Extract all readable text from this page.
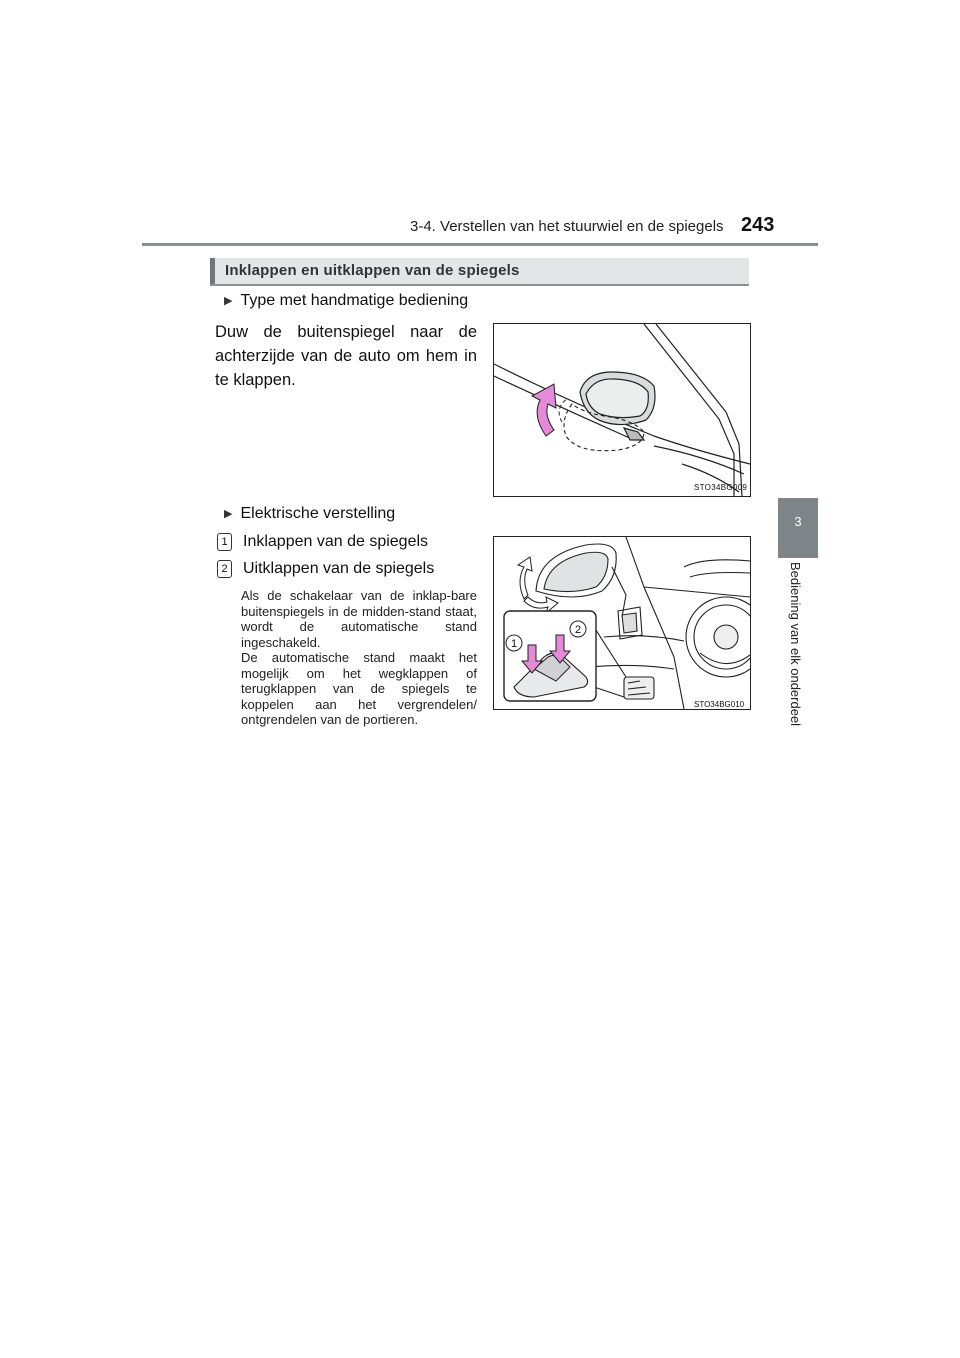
3-4. Verstellen van het stuurwiel en de spiegels 243
3
Bediening van elk onderdeel
Inklappen en uitklappen van de spiegels
▶ Type met handmatige bediening
Duw de buitenspiegel naar de achterzijde van de auto om hem in te klappen.
STO34BG009
▶ Elektrische verstelling
1 Inklappen van de spiegels
2 Uitklappen van de spiegels

Als de schakelaar van de inklap-bare buitenspiegels in de midden-stand staat, wordt de automatische stand ingeschakeld.

De automatische stand maakt het mogelijk om het wegklappen of terugklappen van de spiegels te koppelen aan het vergrendelen/ ontgrendelen van de portieren.

1
2
STO34BG010
